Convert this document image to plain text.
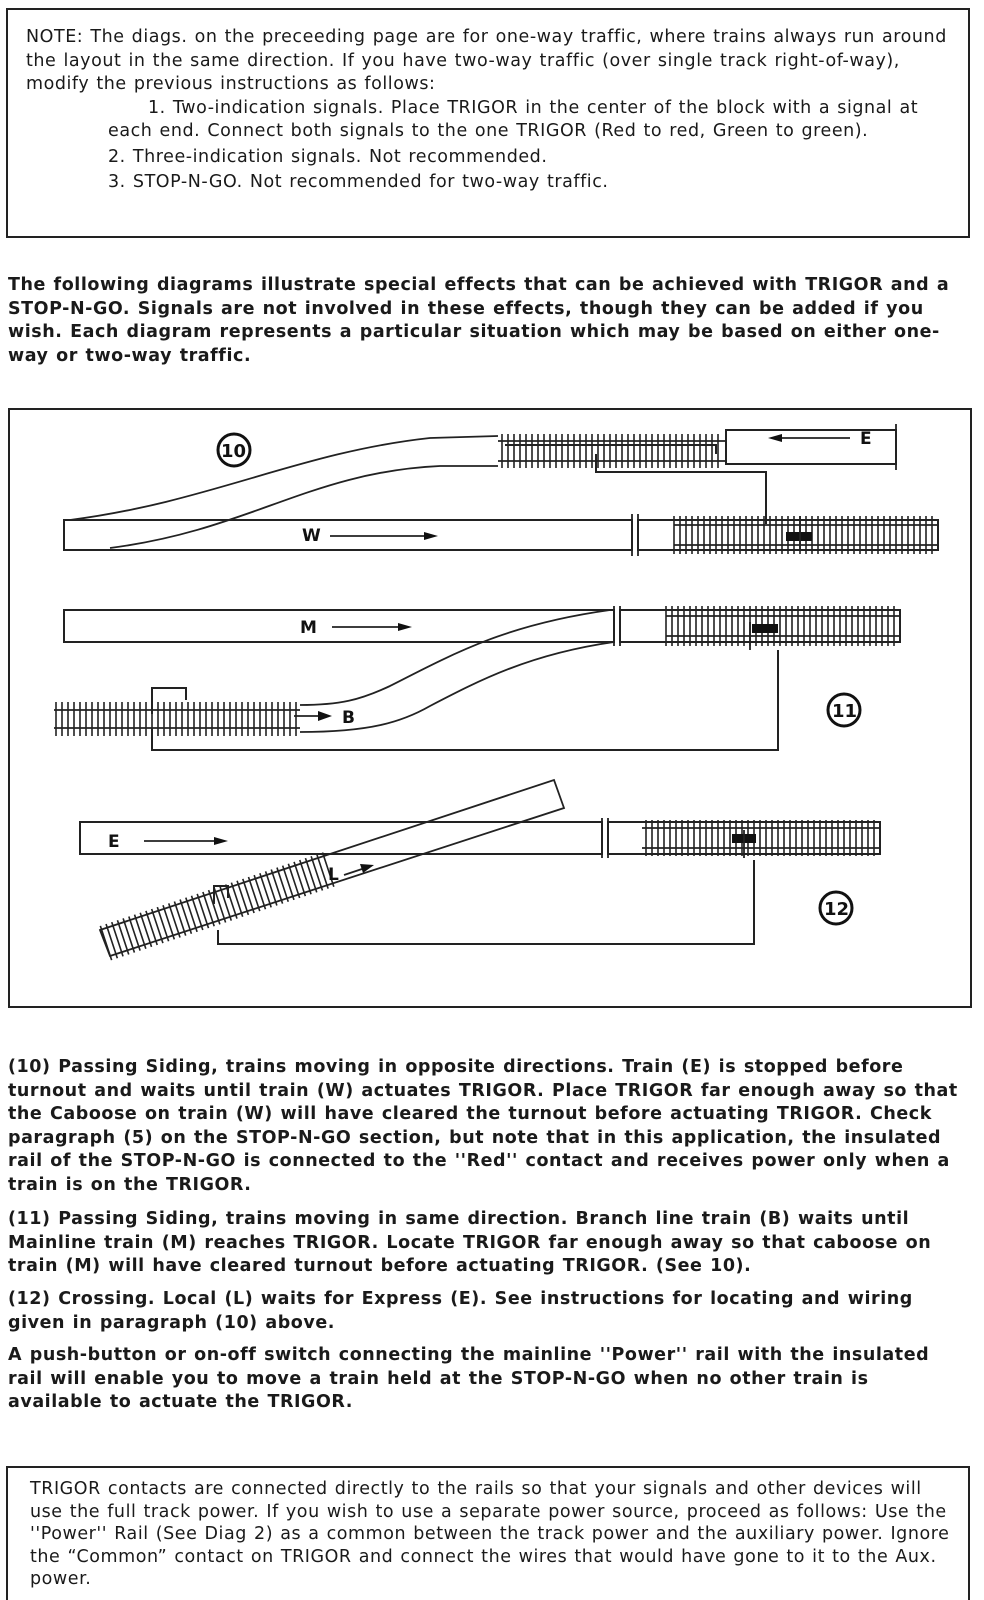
NOTE: The diags. on the preceeding page are for one-way traffic, where trains always run around the layout in the same direction. If you have two-way traffic (over single track right-of-way), modify the previous instructions as follows:

1. Two-indication signals. Place TRIGOR in the center of the block with a signal at each end. Connect both signals to the one TRIGOR (Red to red, Green to green).

2. Three-indication signals. Not recommended.

3. STOP-N-GO. Not recommended for two-way traffic.

The following diagrams illustrate special effects that can be achieved with TRIGOR and a STOP-N-GO. Signals are not involved in these effects, though they can be added if you wish. Each diagram represents a particular situation which may be based on either one-way or two-way traffic.

E
W
10
M
B	11
E
L
12

(10) Passing Siding, trains moving in opposite directions. Train (E) is stopped before turnout and waits until train (W) actuates TRIGOR. Place TRIGOR far enough away so that the Caboose on train (W) will have cleared the turnout before actuating TRIGOR. Check paragraph (5) on the STOP-N-GO section, but note that in this application, the insulated rail of the STOP-N-GO is connected to the ''Red'' contact and receives power only when a train is on the TRIGOR.

(11) Passing Siding, trains moving in same direction. Branch line train (B) waits until Mainline train (M) reaches TRIGOR. Locate TRIGOR far enough away so that caboose on train (M) will have cleared turnout before actuating TRIGOR. (See 10).

(12) Crossing. Local (L) waits for Express (E). See instructions for locating and wiring given in paragraph (10) above.

A push-button or on-off switch connecting the mainline ''P⁠ower'' rail with the insulated rail will enable you to move a train held at the STOP-N-GO when no other train is available to actuate the TRIGOR.

TRIGOR contacts are connected directly to the rails so that your signals and other devices will use the full track power. If you wish to use a separate power source, proceed as follows: Use the ''Power'' Rail (See Diag 2) as a common between the track power and the auxiliary power. Ignore the “Common” contact on TRIGOR and connect the wires that would have gone to it to the Aux. power.
